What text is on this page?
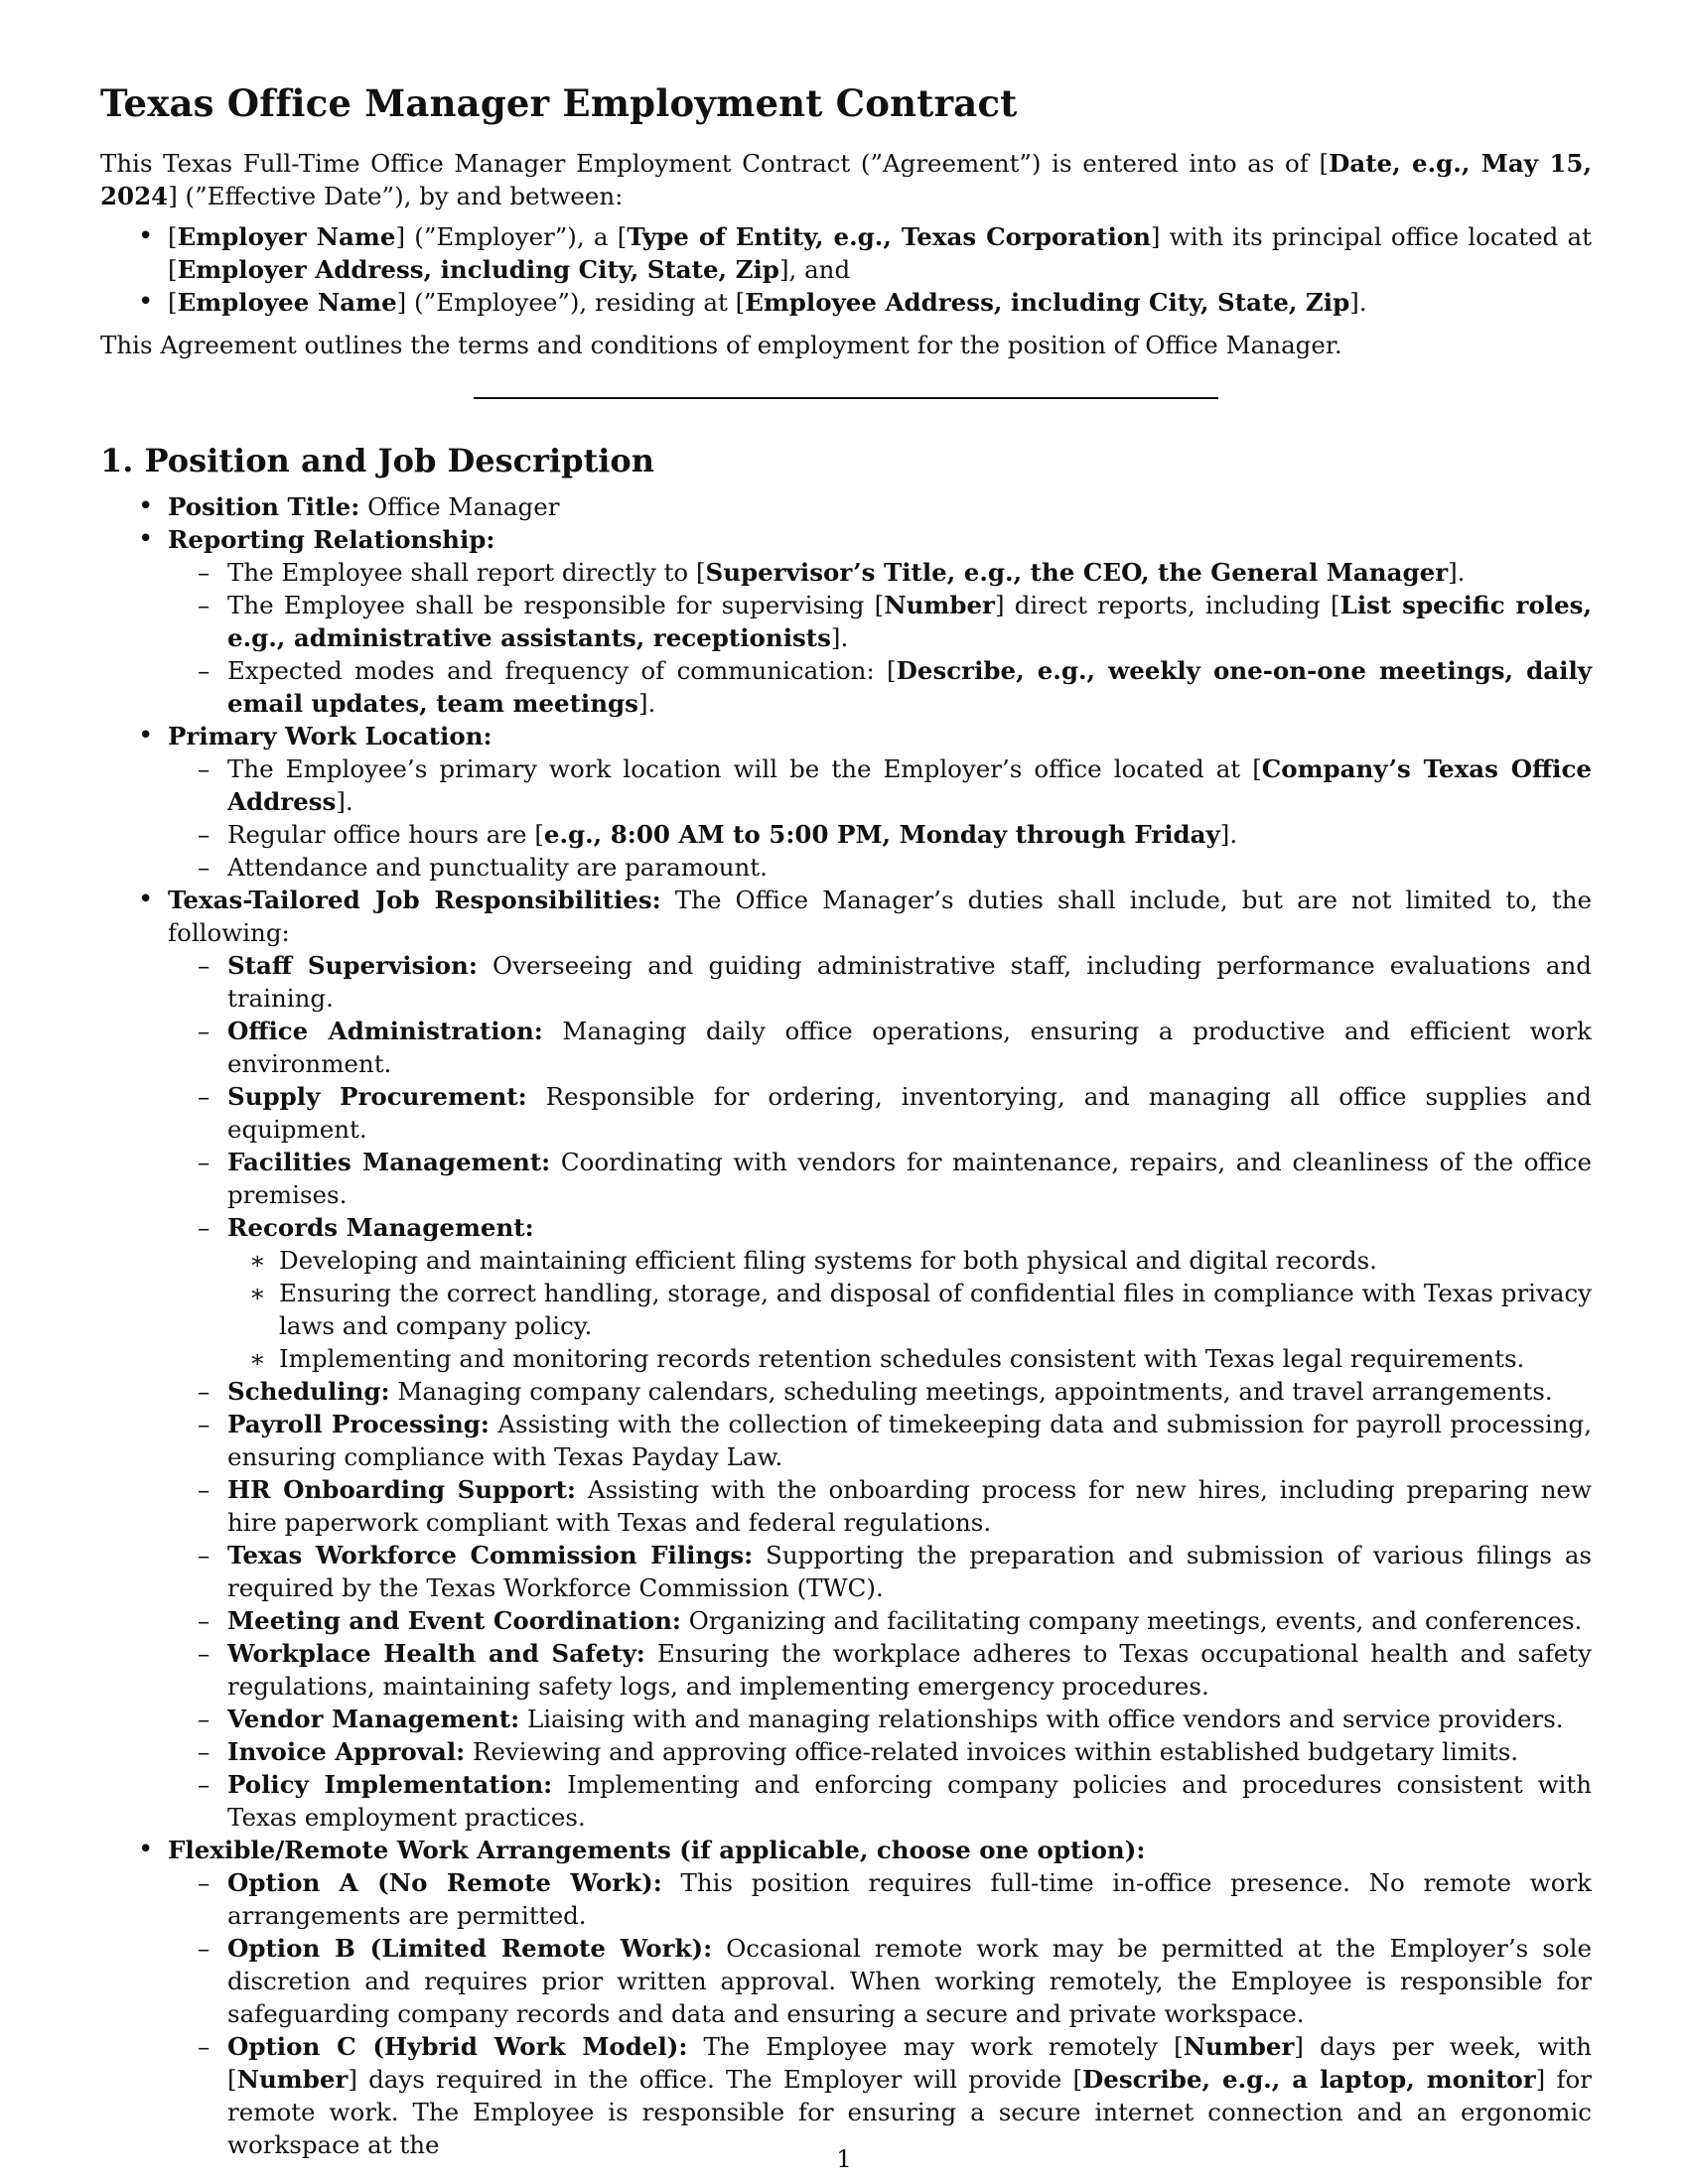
Texas Office Manager Employment Contract

This Texas Full-Time Office Manager Employment Contract (”Agreement”) is entered into as of [Date, e.g., May 15, 2024] (”Effective Date”), by and between:

• [Employer Name] (”Employer”), a [Type of Entity, e.g., Texas Corporation] with its principal office located at [Employer Address, including City, State, Zip], and
• [Employee Name] (”Employee”), residing at [Employee Address, including City, State, Zip].

This Agreement outlines the terms and conditions of employment for the position of Office Manager.

1. Position and Job Description
• Position Title: Office Manager
• Reporting Relationship:
– The Employee shall report directly to [Supervisor’s Title, e.g., the CEO, the General Manager].
– The Employee shall be responsible for supervising [Number] direct reports, including [List specific roles, e.g., administrative assistants, receptionists].
– Expected modes and frequency of communication: [Describe, e.g., weekly one-on-one meetings, daily email updates, team meetings].
• Primary Work Location:
– The Employee’s primary work location will be the Employer’s office located at [Company’s Texas Office Address].
– Regular office hours are [e.g., 8:00 AM to 5:00 PM, Monday through Friday].
– Attendance and punctuality are paramount.
• Texas-Tailored Job Responsibilities: The Office Manager’s duties shall include, but are not limited to, the following:
– Staff Supervision: Overseeing and guiding administrative staff, including performance evaluations and training.
– Office Administration: Managing daily office operations, ensuring a productive and efficient work environment.
– Supply Procurement: Responsible for ordering, inventorying, and managing all office supplies and equipment.
– Facilities Management: Coordinating with vendors for maintenance, repairs, and cleanliness of the office premises.
– Records Management:
∗ Developing and maintaining efficient filing systems for both physical and digital records.
∗ Ensuring the correct handling, storage, and disposal of confidential files in compliance with Texas privacy laws and company policy.
∗ Implementing and monitoring records retention schedules consistent with Texas legal requirements.
– Scheduling: Managing company calendars, scheduling meetings, appointments, and travel arrangements.
– Payroll Processing: Assisting with the collection of timekeeping data and submission for payroll processing, ensuring compliance with Texas Payday Law.
– HR Onboarding Support: Assisting with the onboarding process for new hires, including preparing new hire paperwork compliant with Texas and federal regulations.
– Texas Workforce Commission Filings: Supporting the preparation and submission of various filings as required by the Texas Workforce Commission (TWC).
– Meeting and Event Coordination: Organizing and facilitating company meetings, events, and conferences.
– Workplace Health and Safety: Ensuring the workplace adheres to Texas occupational health and safety regulations, maintaining safety logs, and implementing emergency procedures.
– Vendor Management: Liaising with and managing relationships with office vendors and service providers.
– Invoice Approval: Reviewing and approving office-related invoices within established budgetary limits.
– Policy Implementation: Implementing and enforcing company policies and procedures consistent with Texas employment practices.
• Flexible/Remote Work Arrangements (if applicable, choose one option):
– Option A (No Remote Work): This position requires full-time in-office presence. No remote work arrangements are permitted.
– Option B (Limited Remote Work): Occasional remote work may be permitted at the Employer’s sole discretion and requires prior written approval. When working remotely, the Employee is responsible for safeguarding company records and data and ensuring a secure and private workspace.
– Option C (Hybrid Work Model): The Employee may work remotely [Number] days per week, with [Number] days required in the office. The Employer will provide [Describe, e.g., a laptop, monitor] for remote work. The Employee is responsible for ensuring a secure internet connection and an ergonomic workspace at the	1
